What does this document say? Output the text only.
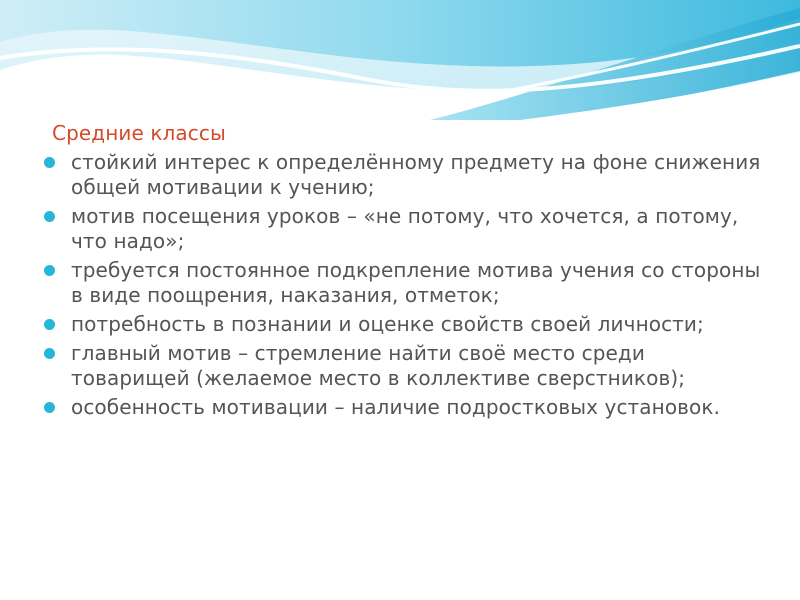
Средние классы
стойкий интерес к определённому предмету на фоне снижения общей мотивации к учению;
мотив посещения уроков – «не потому, что хочется, а потому, что надо»;
требуется постоянное подкрепление мотива учения со стороны в виде поощрения, наказания, отметок;
потребность в познании и оценке свойств своей личности;
главный мотив – стремление найти своё место среди товарищей (желаемое место в коллективе сверстников);
особенность мотивации – наличие подростковых установок.
